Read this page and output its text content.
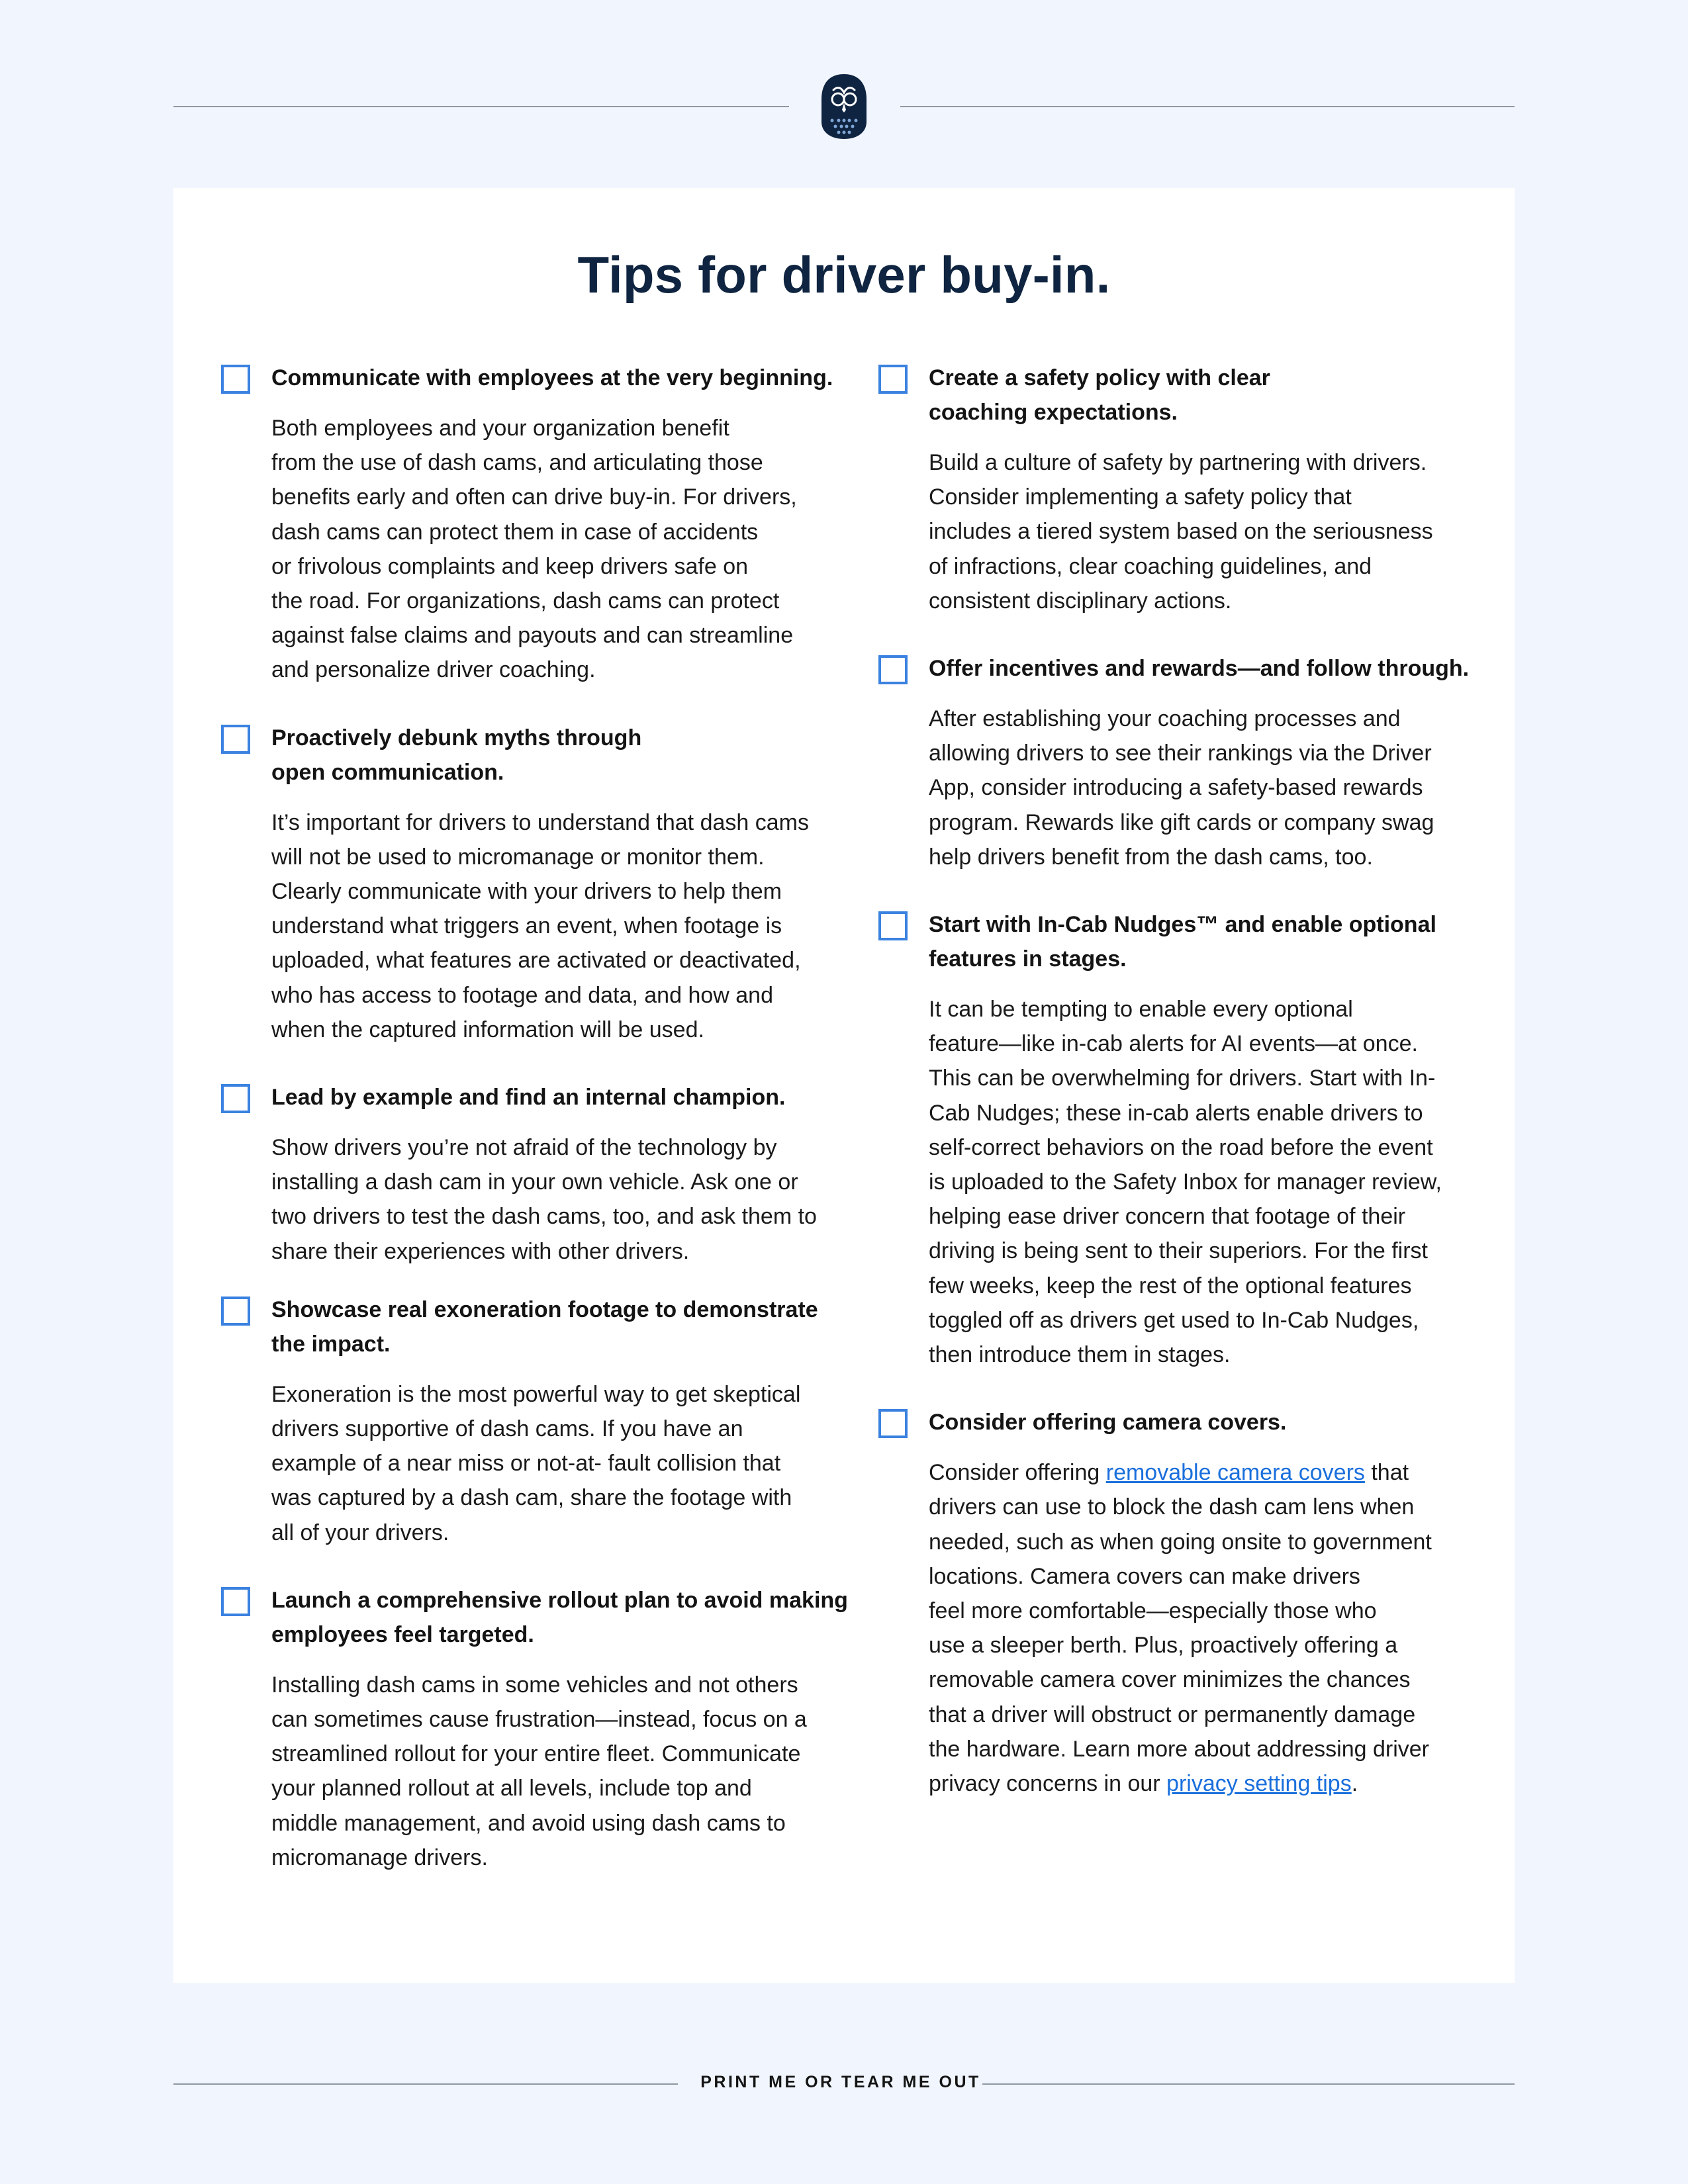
Tips for driver buy-in.
Communicate with employees at the very beginning.
Both employees and your organization benefit
from the use of dash cams, and articulating those
benefits early and often can drive buy-in. For drivers,
dash cams can protect them in case of accidents
or frivolous complaints and keep drivers safe on
the road. For organizations, dash cams can protect
against false claims and payouts and can streamline
and personalize driver coaching.
Proactively debunk myths through
open communication.
It’s important for drivers to understand that dash cams
will not be used to micromanage or monitor them.
Clearly communicate with your drivers to help them
understand what triggers an event, when footage is
uploaded, what features are activated or deactivated,
who has access to footage and data, and how and
when the captured information will be used.
Lead by example and find an internal champion.
Show drivers you’re not afraid of the technology by
installing a dash cam in your own vehicle. Ask one or
two drivers to test the dash cams, too, and ask them to
share their experiences with other drivers.
Showcase real exoneration footage to demonstrate
the impact.
Exoneration is the most powerful way to get skeptical
drivers supportive of dash cams. If you have an
example of a near miss or not-at- fault collision that
was captured by a dash cam, share the footage with
all of your drivers.
Launch a comprehensive rollout plan to avoid making
employees feel targeted.
Installing dash cams in some vehicles and not others
can sometimes cause frustration—instead, focus on a
streamlined rollout for your entire fleet. Communicate
your planned rollout at all levels, include top and
middle management, and avoid using dash cams to
micromanage drivers.
Create a safety policy with clear
coaching expectations.
Build a culture of safety by partnering with drivers.
Consider implementing a safety policy that
includes a tiered system based on the seriousness
of infractions, clear coaching guidelines, and
consistent disciplinary actions.
Offer incentives and rewards—and follow through.
After establishing your coaching processes and
allowing drivers to see their rankings via the Driver
App, consider introducing a safety-based rewards
program. Rewards like gift cards or company swag
help drivers benefit from the dash cams, too.
Start with In-Cab Nudges™ and enable optional
features in stages.
It can be tempting to enable every optional
feature—like in-cab alerts for AI events—at once.
This can be overwhelming for drivers. Start with In-
Cab Nudges; these in-cab alerts enable drivers to
self-correct behaviors on the road before the event
is uploaded to the Safety Inbox for manager review,
helping ease driver concern that footage of their
driving is being sent to their superiors. For the first
few weeks, keep the rest of the optional features
toggled off as drivers get used to In-Cab Nudges,
then introduce them in stages.
Consider offering camera covers.
Consider offering removable camera covers that
drivers can use to block the dash cam lens when
needed, such as when going onsite to government
locations. Camera covers can make drivers
feel more comfortable—especially those who
use a sleeper berth. Plus, proactively offering a
removable camera cover minimizes the chances
that a driver will obstruct or permanently damage
the hardware. Learn more about addressing driver
privacy concerns in our privacy setting tips.
PRINT ME OR TEAR ME OUT
